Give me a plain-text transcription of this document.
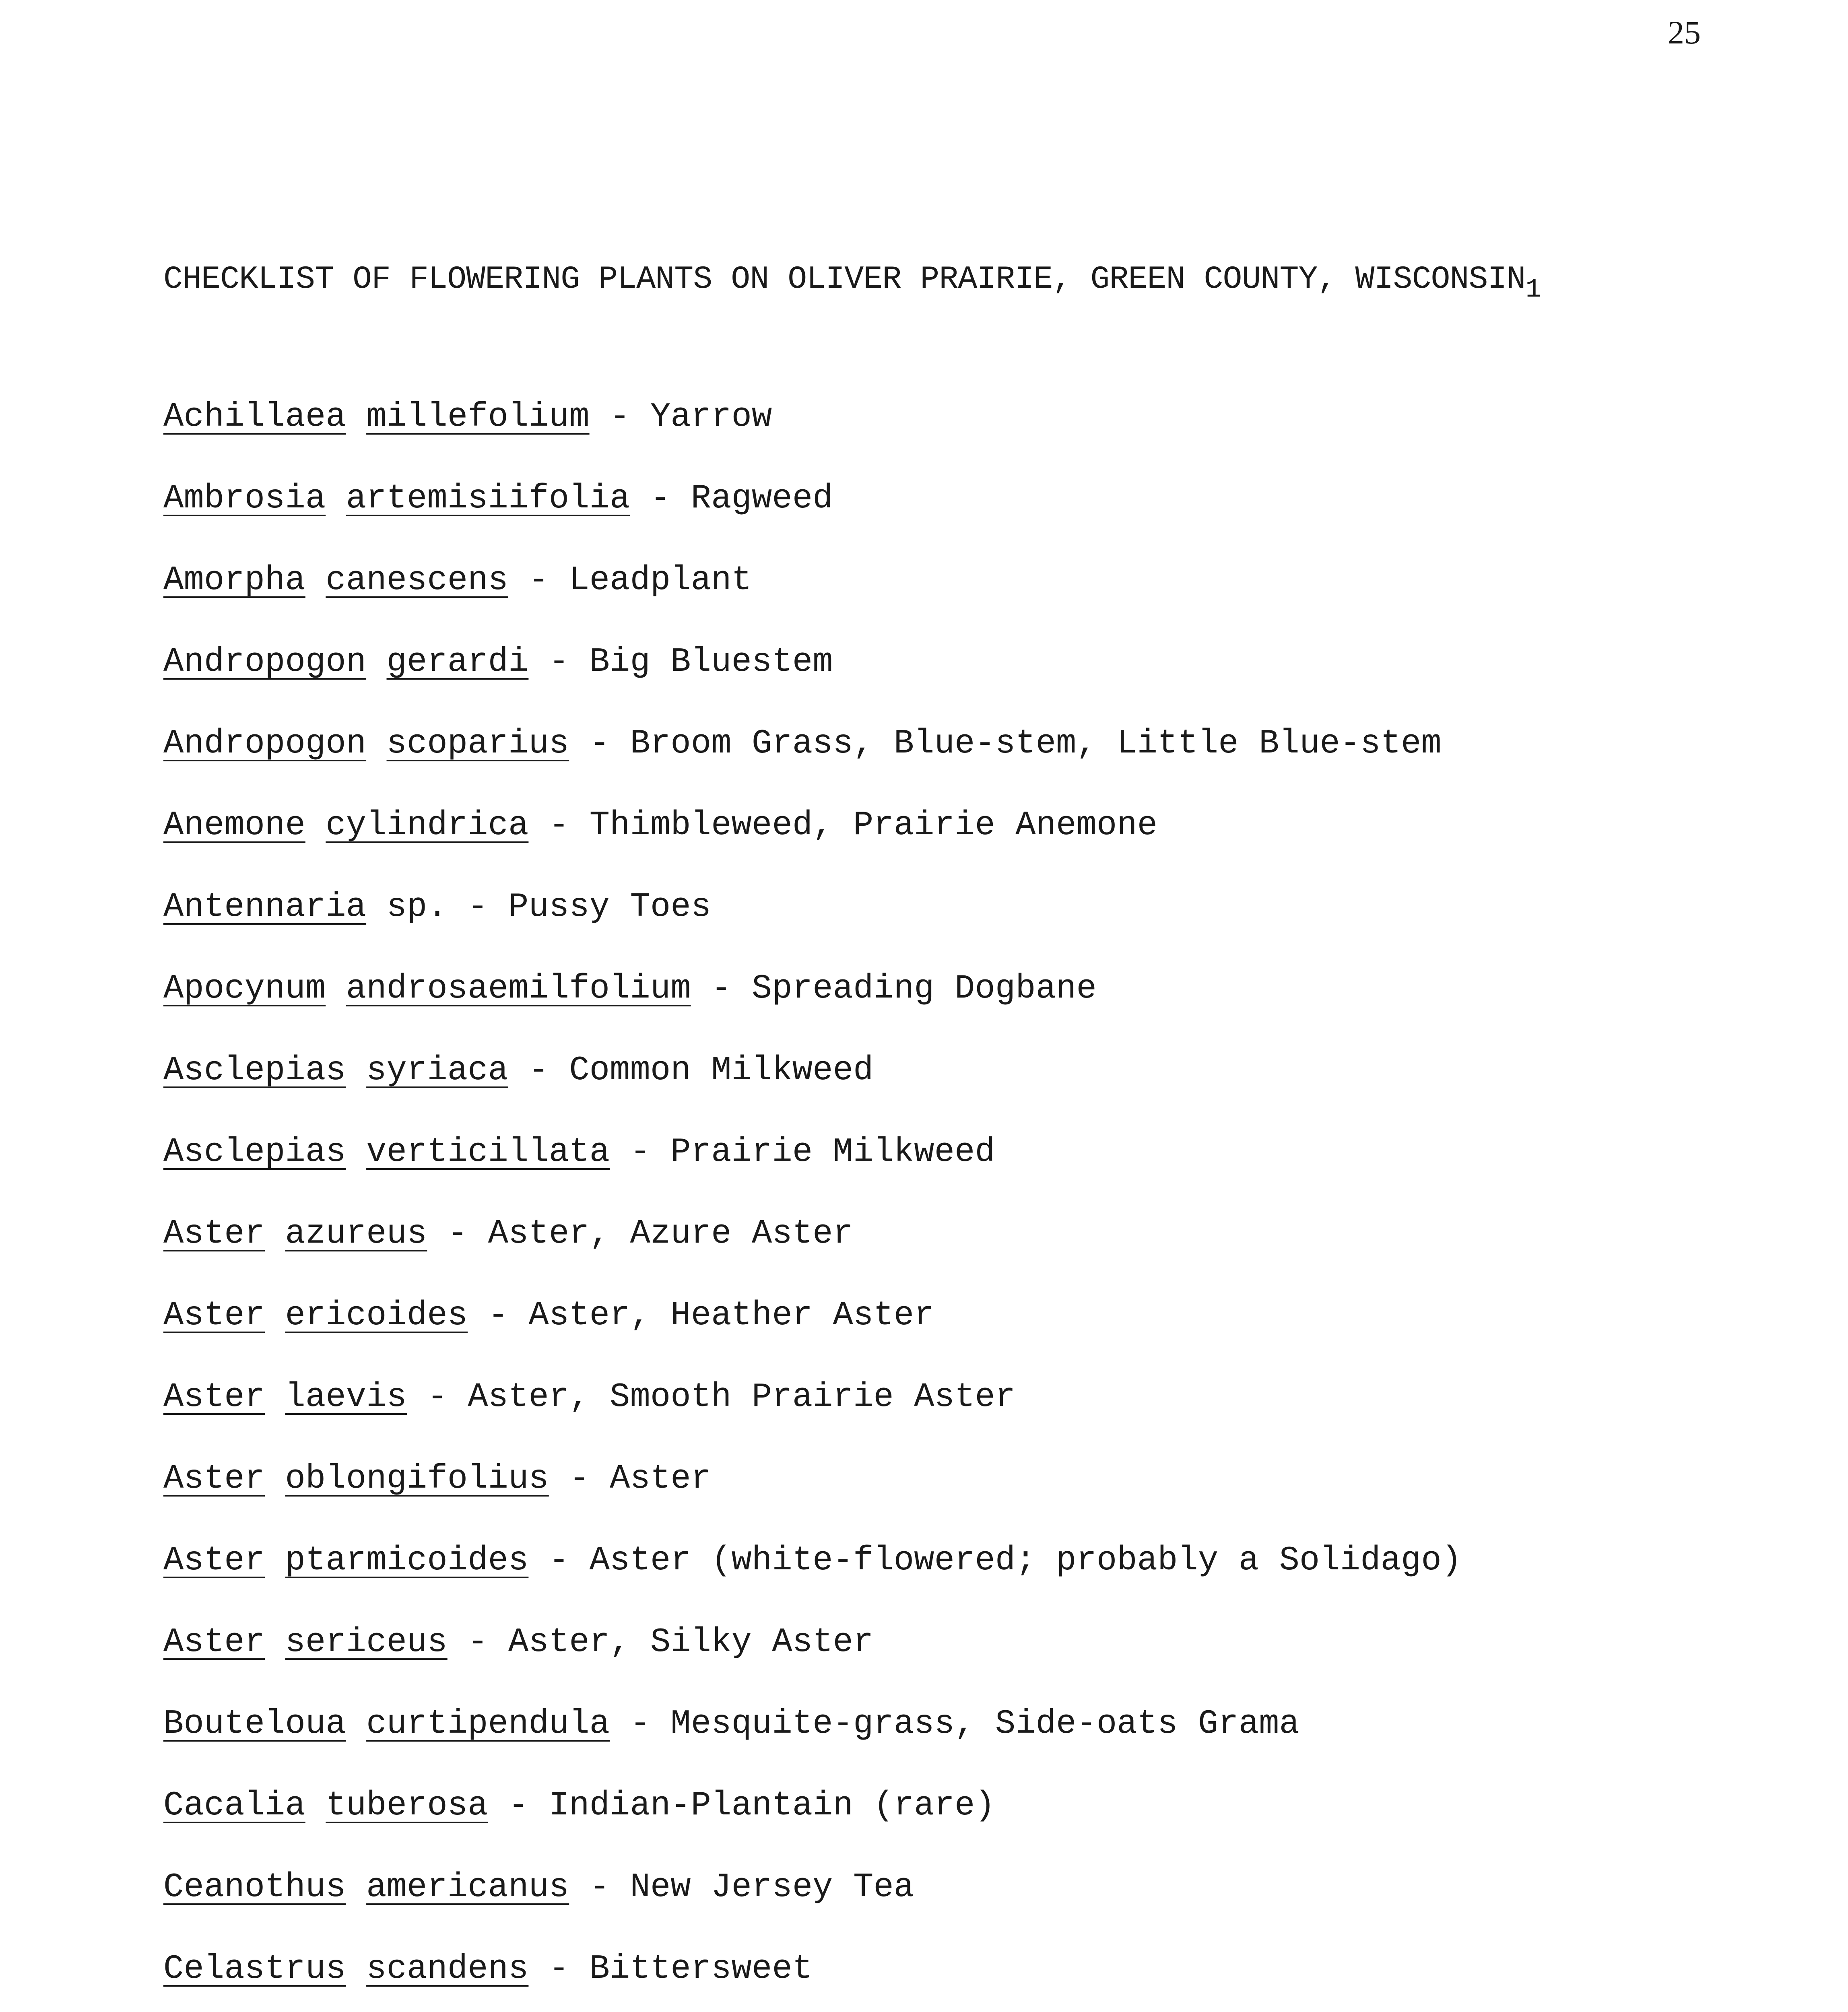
25
CHECKLIST OF FLOWERING PLANTS ON OLIVER PRAIRIE, GREEN COUNTY, $WISCONSIN_1$
Achillaea millefolium - Yarrow
Ambrosia artemisiifolia - Ragweed
Amorpha canescens - Leadplant
Andropogon gerardi - Big Bluestem
Andropogon scoparius - Broom Grass, Blue-stem, Little Blue-stem
Anemone cylindrica - Thimbleweed, Prairie Anemone
Antennaria sp. - Pussy Toes
Apocynum androsaemilfolium - Spreading Dogbane
Asclepias syriaca - Common Milkweed
Asclepias verticillata - Prairie Milkweed
Aster azureus - Aster, Azure Aster
Aster ericoides - Aster, Heather Aster
Aster laevis - Aster, Smooth Prairie Aster
Aster oblongifolius - Aster
Aster ptarmicoides - Aster (white-flowered; probably a Solidago)
Aster sericeus - Aster, Silky Aster
Bouteloua curtipendula - Mesquite-grass, Side-oats Grama
Cacalia tuberosa - Indian-Plantain (rare)
Ceanothus americanus - New Jersey Tea
Celastrus scandens - Bittersweet
